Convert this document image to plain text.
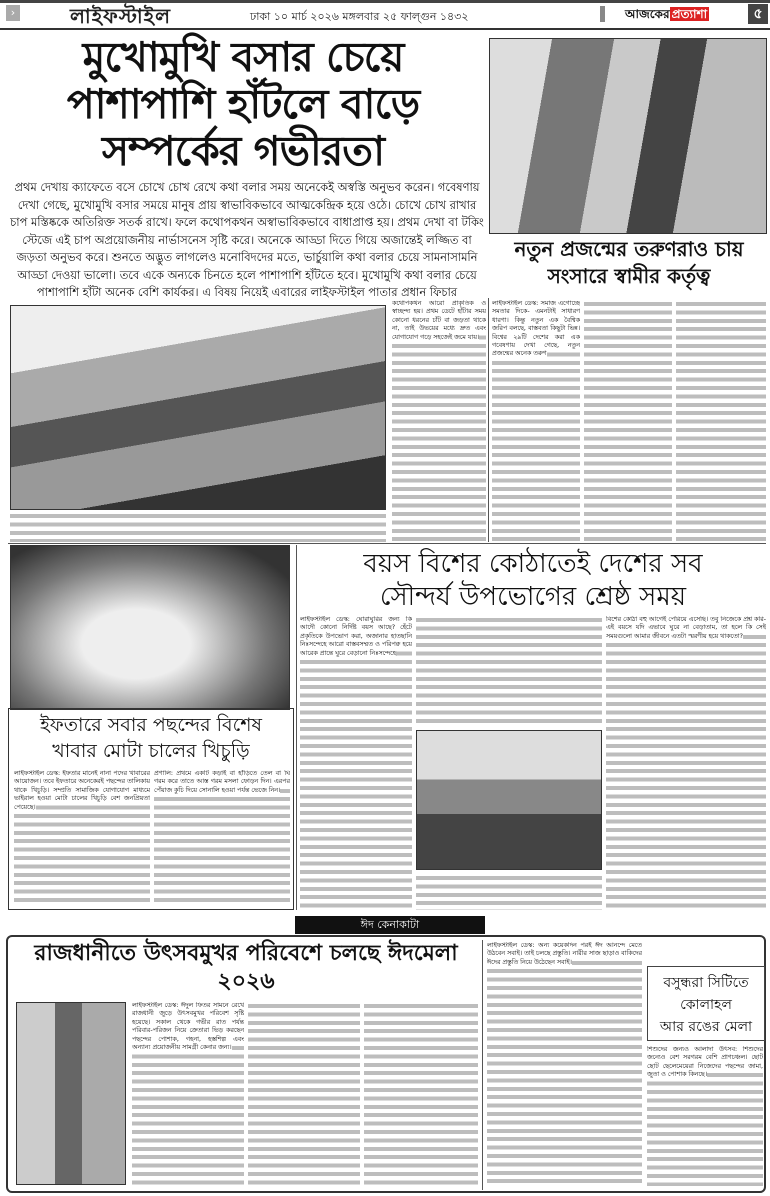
›	লাইফস্টাইল	ঢাকা ১০ মার্চ ২০২৬ মঙ্গলবার ২৫ ফাল্গুন ১৪৩২	আজকের প্রত্যাশা	৫
মুখোমুখি বসার চেয়ে
পাশাপাশি হাঁটলে বাড়ে
সম্পর্কের গভীরতা
প্রথম দেখায় ক্যাফেতে বসে চোখে চোখ রেখে কথা বলার সময় অনেকেই অস্বস্তি অনুভব করেন। গবেষণায় দেখা গেছে, মুখোমুখি বসার সময়ে মানুষ প্রায় স্বাভাবিকভাবে আত্মকেন্দ্রিক হয়ে ওঠে। চোখে চোখ রাখার চাপ মস্তিষ্ককে অতিরিক্ত সতর্ক রাখে। ফলে কথোপকথন অস্বাভাবিকভাবে বাধাপ্রাপ্ত হয়। প্রথম দেখা বা টকিং স্টেজে এই চাপ অপ্রয়োজনীয় নার্ভাসনেস সৃষ্টি করে। অনেকে আড্ডা দিতে গিয়ে অজান্তেই লজ্জিত বা জড়তা অনুভব করে। শুনতে অদ্ভুত লাগলেও মনোবিদদের মতে, ভার্চুয়ালি কথা বলার চেয়ে সামনাসামনি আড্ডা দেওয়া ভালো। তবে একে অন্যকে চিনতে হলে পাশাপাশি হাঁটতে হবে। মুখোমুখি কথা বলার চেয়ে পাশাপাশি হাঁটা অনেক বেশি কার্যকর। এ বিষয় নিয়েই এবারের লাইফস্টাইল পাতার প্রধান ফিচার
নতুন প্রজন্মের তরুণরাও চায়
সংসারে স্বামীর কর্তৃত্ব

কথোপকথন আরো প্রাকৃতিক ও স্বাচ্ছন্দ্য হয়। প্রথম ডেটে হাঁটার সময় কোনো ধরনের চাঁট বা জড়তা থাকে না, তাই উভয়ের মধ্যে দ্রুত এবং যোগাযোগ গড়ে সহজেই জমে যায়।

লাইফস্টাইল ডেস্ক: সমাজ এগোচ্ছে সমতার দিকে- এমনটাই সাধারণ ধারণা। কিন্তু নতুন এক বৈশ্বিক জরিপ বলছে, বাস্তবতা কিছুটা ভিন্ন। বিশ্বের ২৯টি দেশের করা এক গবেষণায় দেখা গেছে, নতুন প্রজন্মের অনেক তরুণ

ইফতারে সবার পছন্দের বিশেষ
খাবার মোটা চালের খিচুড়ি

লাইফস্টাইল ডেস্ক: ইফতার মানেই নানা পদের খাবারের আয়োজন। তবে ইফতারে অনেকেরই পছন্দের তালিকায় থাকে খিচুড়ি। সম্প্রতি সামাজিক যোগাযোগ মাধ্যমে ভাইরাল হওয়া মোটা চালের খিচুড়ি বেশ জনপ্রিয়তা পেয়েছে।

প্রণালি: প্রথমে একটি কড়াই বা হাঁড়িতে তেল বা ঘি গরম করে তাতে আস্ত গরম মসলা ফোড়ন দিন। এরপর পেঁয়াজ কুচি দিয়ে সোনালি হওয়া পর্যন্ত ভেজে নিন।

বয়স বিশের কোঠাতেই দেশের সব
সৌন্দর্য উপভোগের শ্রেষ্ঠ সময়

লাইফস্টাইল ডেস্ক: ঘোরাঘুরির জন্য কি আদৌ কোনো নির্দিষ্ট বয়স আছে? হেঁটে প্রকৃতিকে উপভোগ করা, অজানার হাতছানি নিঃসন্দেহে আরো বাস্তবসম্মত ও পরিপক্ব হয়ে আরেক প্রান্তে ঘুরে বেড়ানো নিঃসন্দেহে

বিশের কোঠা বহু আগেই পেরিয়ে এসেছি। তবু নিজেকে প্রশ্ন করি- এই বয়সে যদি এভাবে ঘুরে না বেড়াতাম, তা হলে কি সেই সময়গুলো আমার জীবনে এতটা স্মরণীয় হয়ে থাকতো?

ঈদ কেনাকাটা

লাইফস্টাইল ডেস্ক: ঈদুল ফিতর সামনে রেখে রাজধানী জুড়ে উৎসবমুখর পরিবেশ সৃষ্টি হয়েছে। সকাল থেকে গভীর রাত পর্যন্ত পরিবার-পরিজন নিয়ে ক্রেতারা ভিড় করছেন পছন্দের পোশাক, গহনা, হস্তশিল্প এবং অন্যান্য প্রয়োজনীয় সামগ্রী কেনার জন্য।

রাজধানীতে উৎসবমুখর পরিবেশে চলছে ঈদমেলা ২০২৬

লাইফস্টাইল ডেস্ক: অন্য কয়েকদিন পরই ঈদ আনন্দে মেতে উঠবেন সবাই। তাই চলছে প্রস্তুতি। নারীর সাজ ছাড়াও বাকিদের ঈদের প্রস্তুতি নিয়ে উঠেছেন সবাই।

বসুন্ধরা সিটিতে কোলাহল
আর রঙের মেলা

শিশুদের জন্যও আলাদা উৎসব: শিশুদের জন্যেও বেশ সরগরম বেশি প্রাণচঞ্চল। ছোট ছোট ছেলেমেয়েরা নিজেদের পছন্দের জামা, জুতা ও পোশাক কিনছে।
